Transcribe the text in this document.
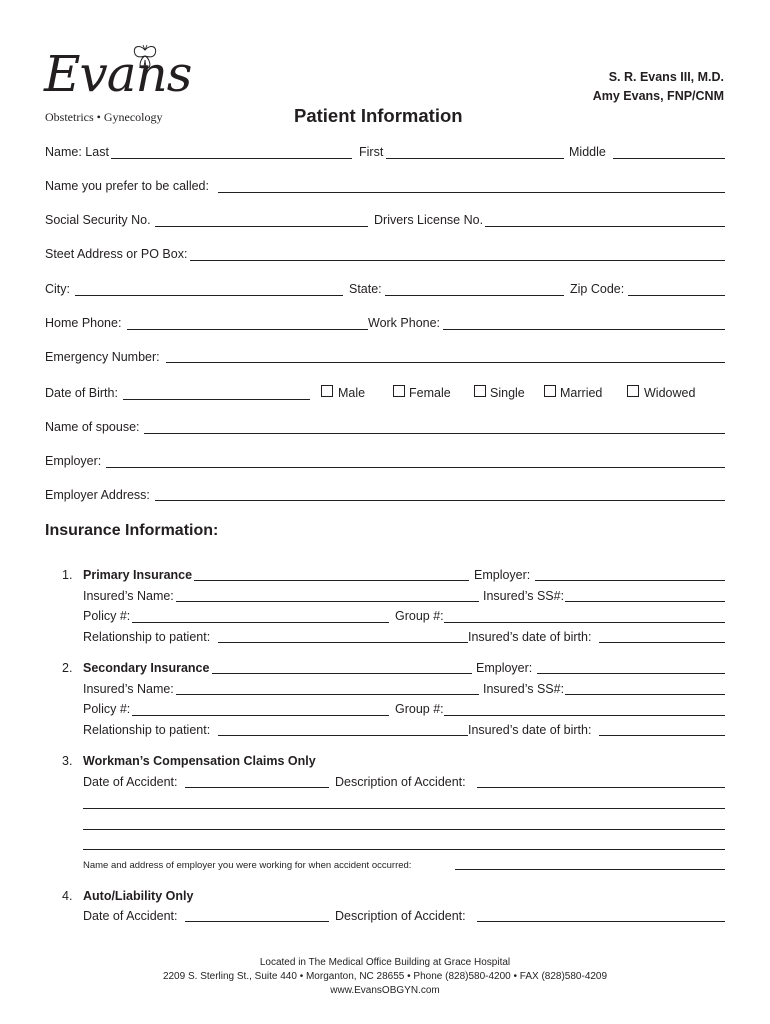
Evans
Obstetrics • Gynecology
S. R. Evans III, M.D.
Amy Evans, FNP/CNM
Patient Information
Name: Last	First	Middle
Name you prefer to be called:
Social Security No.	Drivers License No.
Steet Address or PO Box:
City:	State:	Zip Code:
Home Phone:	Work Phone:
Emergency Number:
Date of Birth:	Male	Female	Single	Married	Widowed
Name of spouse:
Employer:
Employer Address:
Insurance Information:
1. Primary Insurance	Employer:
Insured’s Name:	Insured’s SS#:
Policy #:	Group #:
Relationship to patient:	Insured’s date of birth:
2. Secondary Insurance	Employer:
Insured’s Name:	Insured’s SS#:
Policy #:	Group #:
Relationship to patient:	Insured’s date of birth:
3. Workman’s Compensation Claims Only
Date of Accident:	Description of Accident:
Name and address of employer you were working for when accident occurred:
4. Auto/Liability Only
Date of Accident:	Description of Accident:
Located in The Medical Office Building at Grace Hospital
2209 S. Sterling St., Suite 440 • Morganton, NC 28655 • Phone (828)580-4200 • FAX (828)580-4209
www.EvansOBGYN.com
